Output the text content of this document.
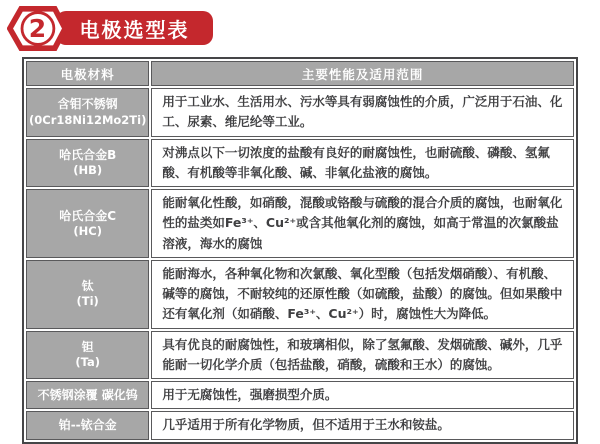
电极选型表
2
电极材料	主要性能及适用范围

含钼不锈钢
(0Cr18Ni12Mo2Ti)	用于工业水、生活用水、污水等具有弱腐蚀性的介质，广泛用于石油、化工、尿素、维尼纶等工业。

哈氏合金B
(HB)	对沸点以下一切浓度的盐酸有良好的耐腐蚀性，也耐硫酸、磷酸、氢氟酸、有机酸等非氧化酸、碱、非氧化盐液的腐蚀。

哈氏合金C
(HC)	能耐氧化性酸，如硝酸，混酸或铬酸与硫酸的混合介质的腐蚀，也耐氧化性的盐类如Fe³⁺、Cu²⁺或含其他氧化剂的腐蚀，如高于常温的次氯酸盐溶液，海水的腐蚀

钛
(Ti)	能耐海水，各种氧化物和次氯酸、氧化型酸（包括发烟硝酸）、有机酸、碱等的腐蚀，不耐较纯的还原性酸（如硫酸，盐酸）的腐蚀。但如果酸中还有氧化剂（如硝酸、Fe³⁺、Cu²⁺）时，腐蚀性大为降低。

钽
(Ta)	具有优良的耐腐蚀性，和玻璃相似，除了氢氟酸、发烟硫酸、碱外，几乎能耐一切化学介质（包括盐酸，硝酸，硫酸和王水）的腐蚀。

不锈钢涂覆 碳化钨	用于无腐蚀性，强磨损型介质。

铂--铱合金	几乎适用于所有化学物质，但不适用于王水和铵盐。
